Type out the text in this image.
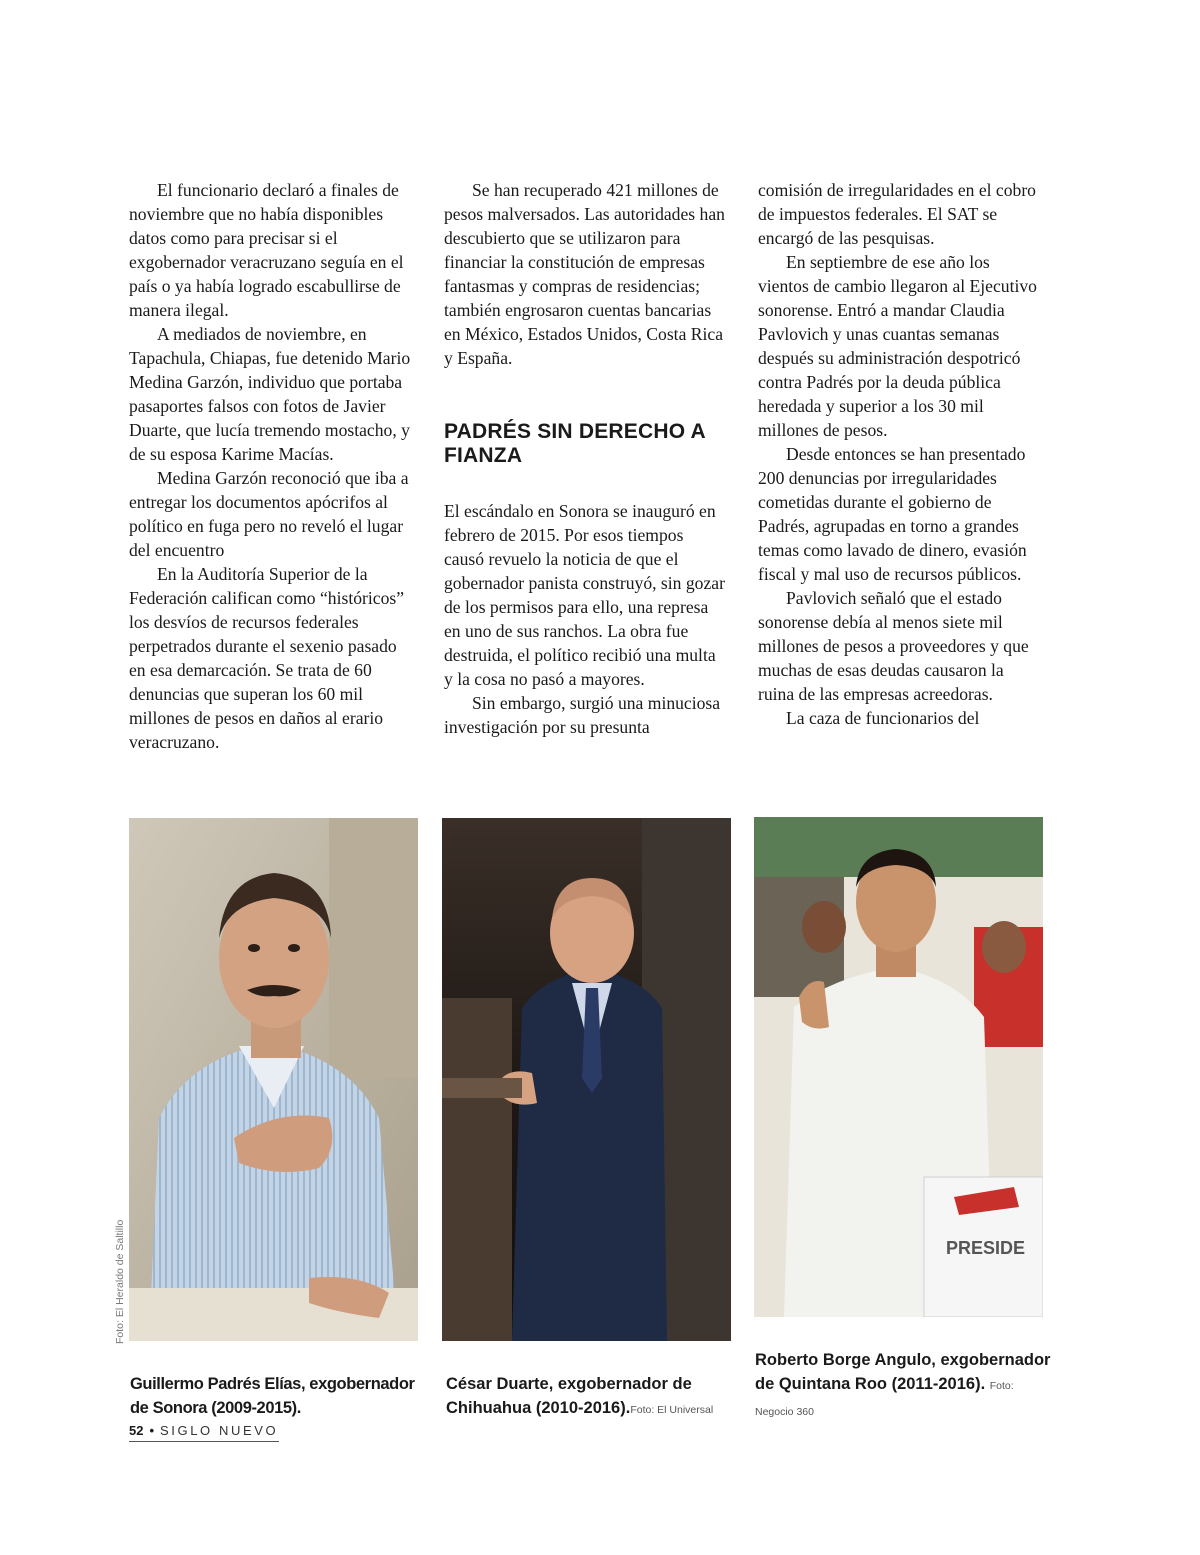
El funcionario declaró a finales de noviembre que no había disponibles datos como para precisar si el exgobernador veracruzano seguía en el país o ya había logrado escabullirse de manera ilegal.

A mediados de noviembre, en Tapachula, Chiapas, fue detenido Mario Medina Garzón, individuo que portaba pasaportes falsos con fotos de Javier Duarte, que lucía tremendo mostacho, y de su esposa Karime Macías.

Medina Garzón reconoció que iba a entregar los documentos apócrifos al político en fuga pero no reveló el lugar del encuentro

En la Auditoría Superior de la Federación califican como “históricos” los desvíos de recursos federales perpetrados durante el sexenio pasado en esa demarcación. Se trata de 60 denuncias que superan los 60 mil millones de pesos en daños al erario veracruzano.

Se han recuperado 421 millones de pesos malversados. Las autoridades han descubierto que se utilizaron para financiar la constitución de empresas fantasmas y compras de residencias; también engrosaron cuentas bancarias en México, Estados Unidos, Costa Rica y España.

PADRÉS SIN DERECHO A FIANZA

El escándalo en Sonora se inauguró en febrero de 2015. Por esos tiempos causó revuelo la noticia de que el gobernador panista construyó, sin gozar de los permisos para ello, una represa en uno de sus ranchos. La obra fue destruida, el político recibió una multa y la cosa no pasó a mayores.

Sin embargo, surgió una minuciosa investigación por su presunta

comisión de irregularidades en el cobro de impuestos federales. El SAT se encargó de las pesquisas.

En septiembre de ese año los vientos de cambio llegaron al Ejecutivo sonorense. Entró a mandar Claudia Pavlovich y unas cuantas semanas después su administración despotricó contra Padrés por la deuda pública heredada y superior a los 30 mil millones de pesos.

Desde entonces se han presentado 200 denuncias por irregularidades cometidas durante el gobierno de Padrés, agrupadas en torno a grandes temas como lavado de dinero, evasión fiscal y mal uso de recursos públicos.

Pavlovich señaló que el estado sonorense debía al menos siete mil millones de pesos a proveedores y que muchas de esas deudas causaron la ruina de las empresas acreedoras.

La caza de funcionarios del

Foto: El Heraldo de Saltillo	PRESIDE
Guillermo Padrés Elías, exgobernador de Sonora (2009-2015).
César Duarte, exgobernador de Chihuahua (2010-2016).Foto: El Universal
Roberto Borge Angulo, exgobernador de Quintana Roo (2011-2016). Foto: Negocio 360
52 • SIGLO NUEVO
